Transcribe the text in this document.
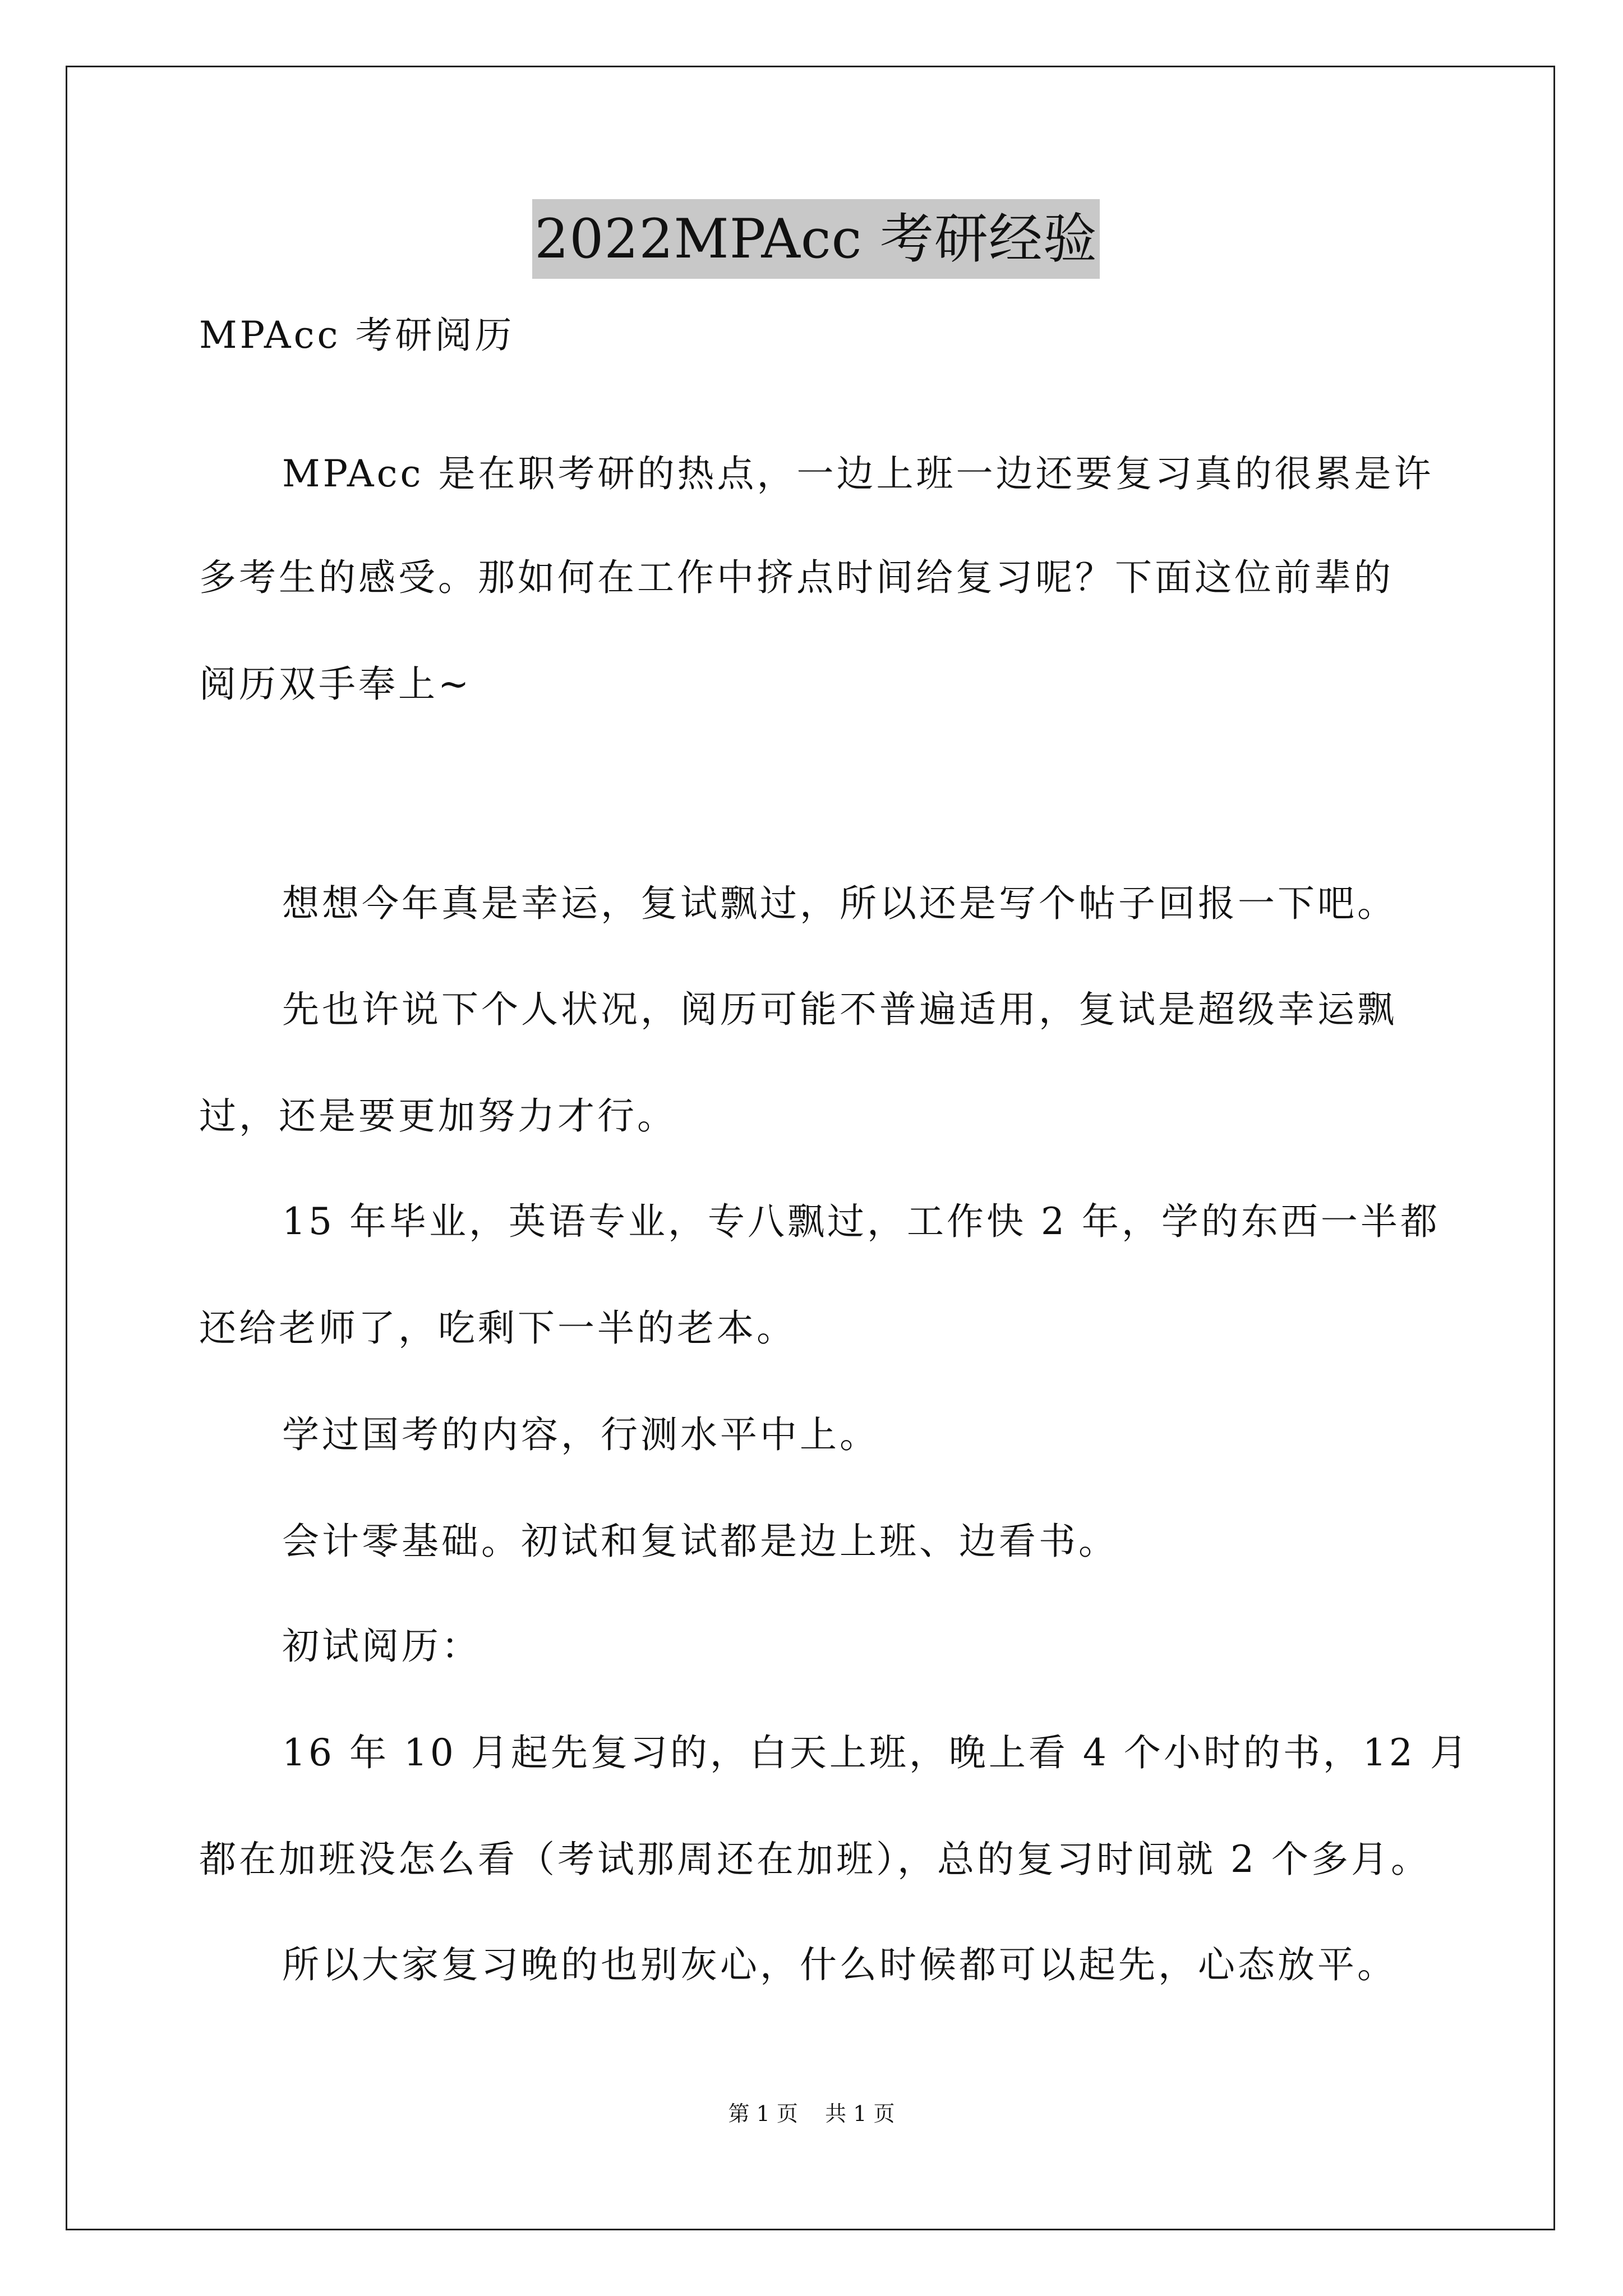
2022MPAcc 考研经验
MPAcc 考研阅历
MPAcc 是在职考研的热点，一边上班一边还要复习真的很累是许
多考生的感受。那如何在工作中挤点时间给复习呢？下面这位前辈的
阅历双手奉上~
想想今年真是幸运，复试飘过，所以还是写个帖子回报一下吧。
先也许说下个人状况，阅历可能不普遍适用，复试是超级幸运飘
过，还是要更加努力才行。
15 年毕业，英语专业，专八飘过，工作快 2 年，学的东西一半都
还给老师了，吃剩下一半的老本。
学过国考的内容，行测水平中上。
会计零基础。初试和复试都是边上班、边看书。
初试阅历：
16 年 10 月起先复习的，白天上班，晚上看 4 个小时的书，12 月
都在加班没怎么看（考试那周还在加班），总的复习时间就 2 个多月。
所以大家复习晚的也别灰心，什么时候都可以起先，心态放平。
第 1 页    共 1 页
